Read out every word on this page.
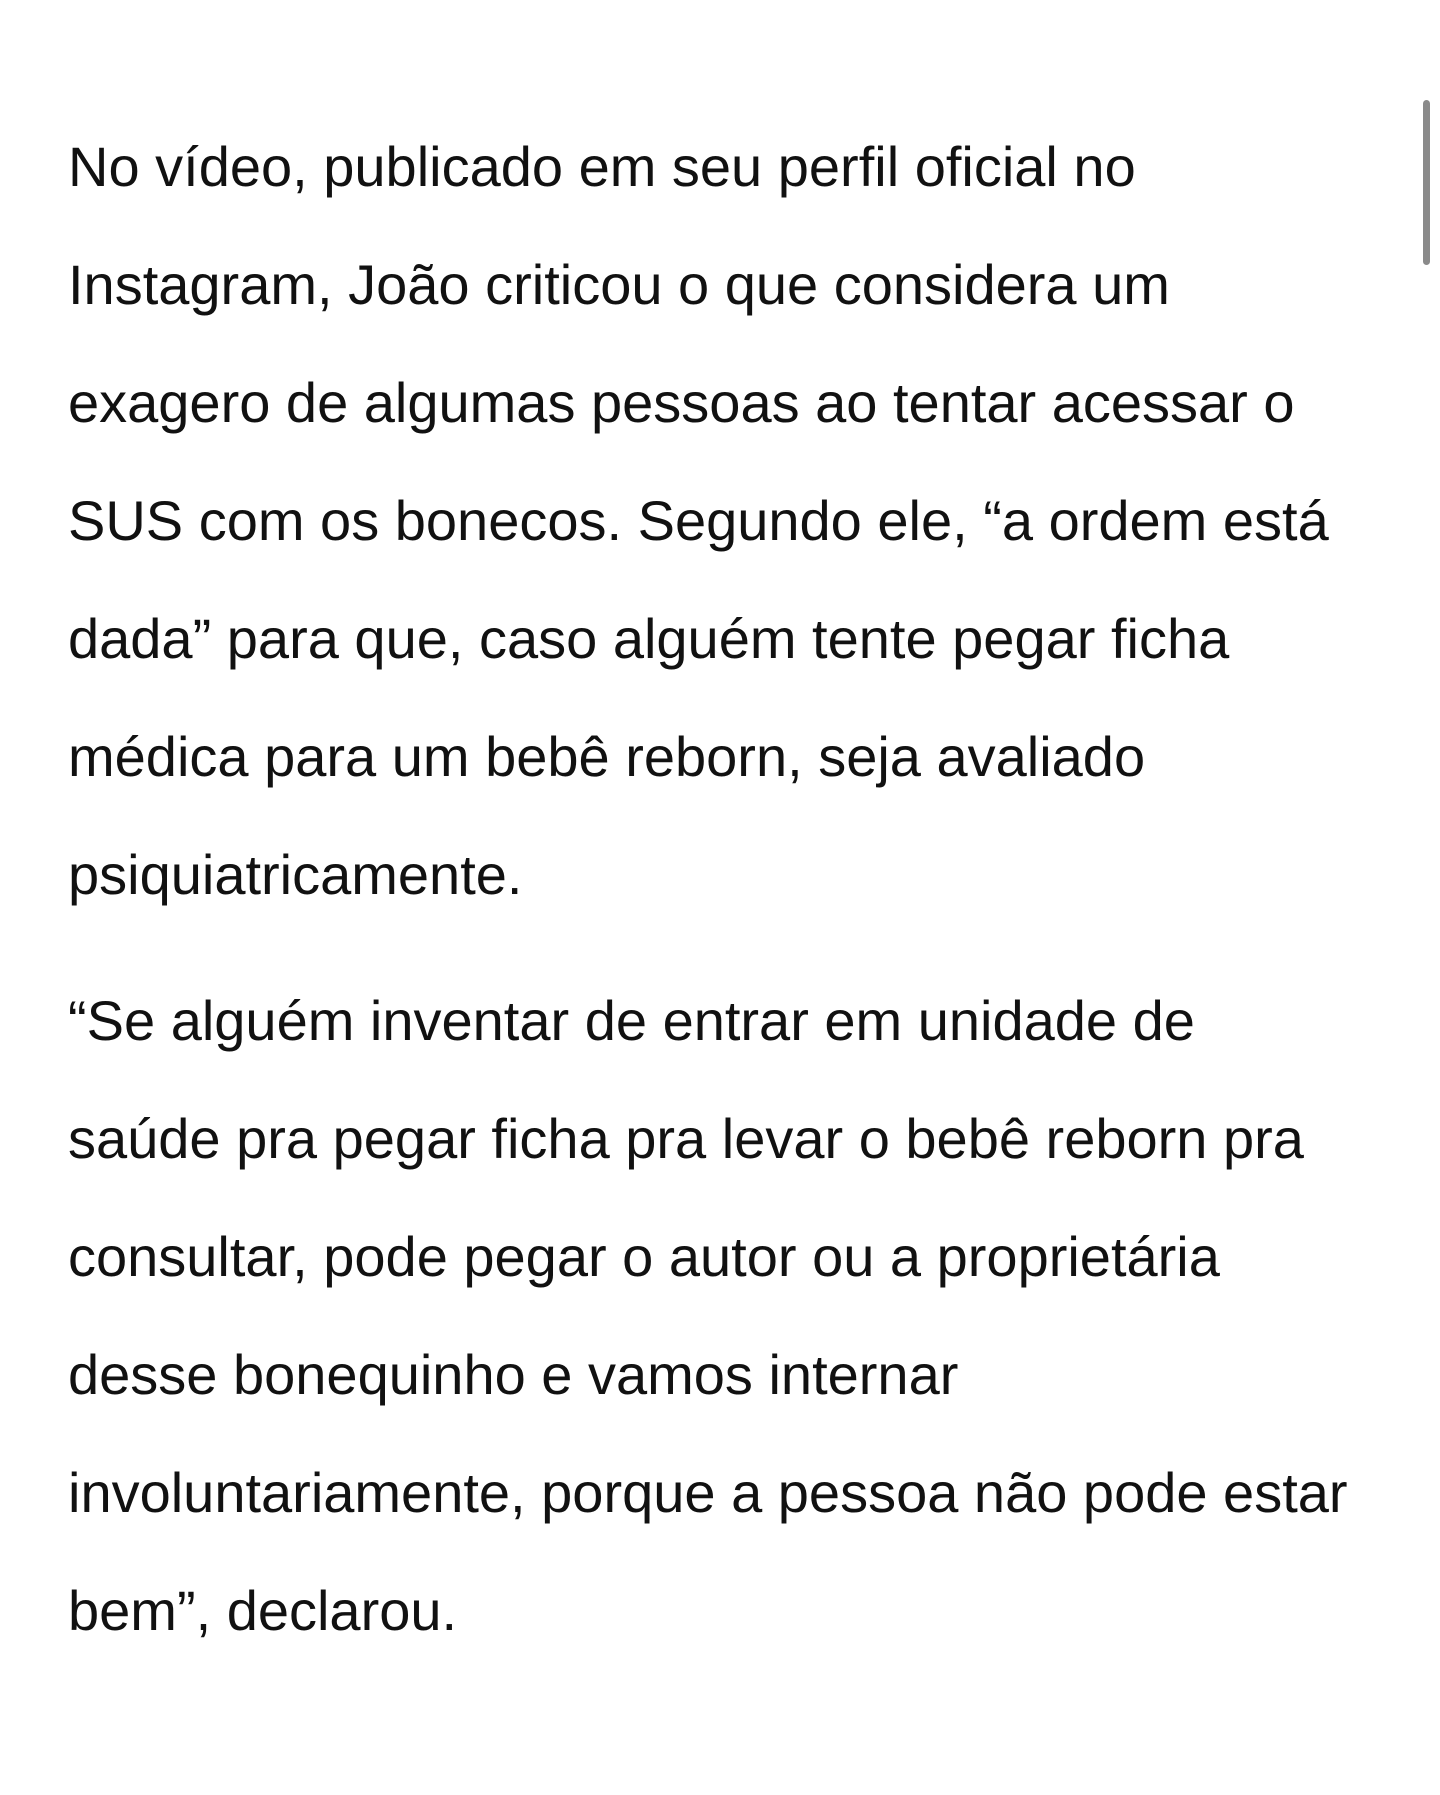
No vídeo, publicado em seu perfil oficial no
Instagram, João criticou o que considera um
exagero de algumas pessoas ao tentar acessar o
SUS com os bonecos. Segundo ele, “a ordem está
dada” para que, caso alguém tente pegar ficha
médica para um bebê reborn, seja avaliado
psiquiatricamente.

“Se alguém inventar de entrar em unidade de
saúde pra pegar ficha pra levar o bebê reborn pra
consultar, pode pegar o autor ou a proprietária
desse bonequinho e vamos internar
involuntariamente, porque a pessoa não pode estar
bem”, declarou.
